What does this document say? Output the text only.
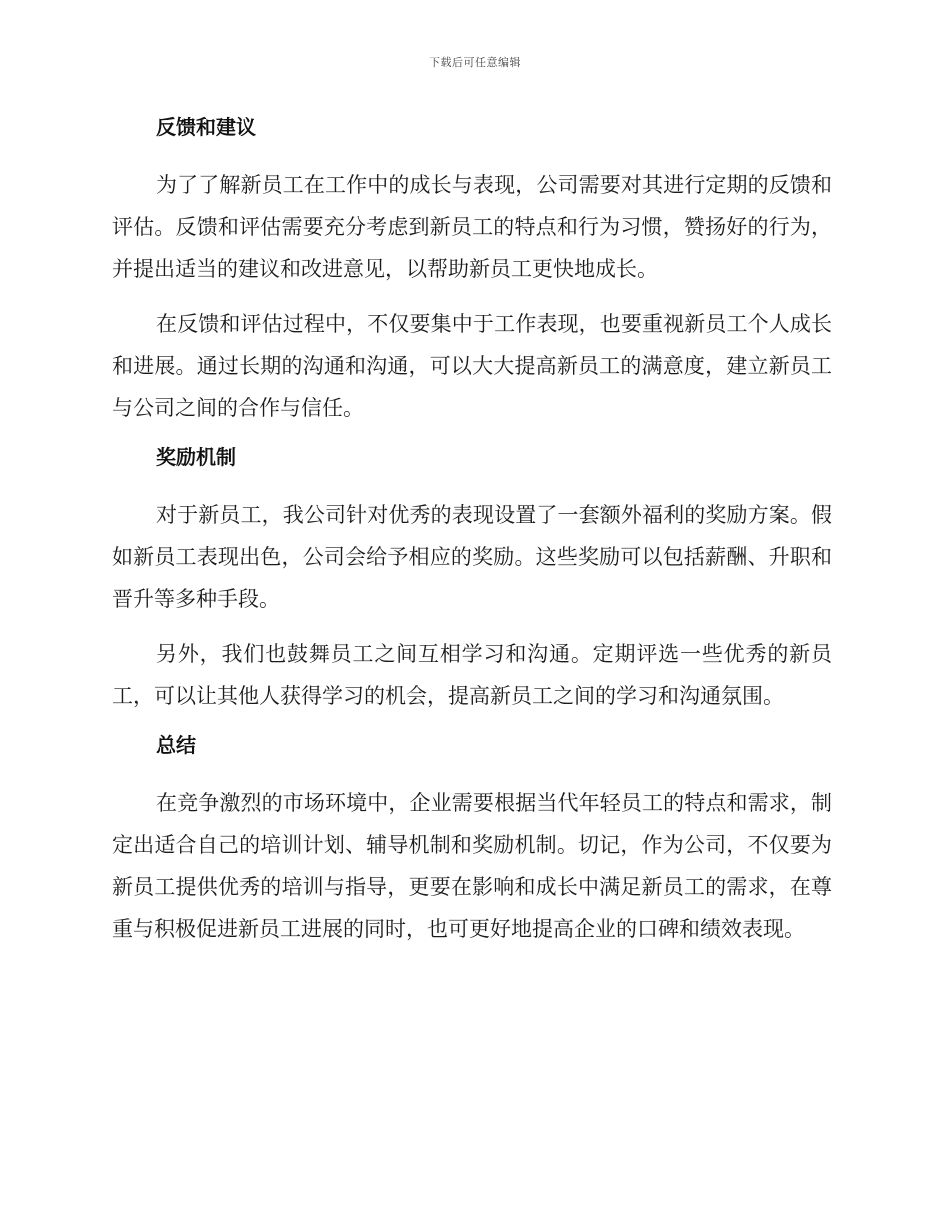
下载后可任意编辑
反馈和建议

为了了解新员工在工作中的成长与表现，公司需要对其进行定期的反馈和评估。反馈和评估需要充分考虑到新员工的特点和行为习惯，赞扬好的行为，并提出适当的建议和改进意见，以帮助新员工更快地成长。

在反馈和评估过程中，不仅要集中于工作表现，也要重视新员工个人成长和进展。通过长期的沟通和沟通，可以大大提高新员工的满意度，建立新员工与公司之间的合作与信任。

奖励机制

对于新员工，我公司针对优秀的表现设置了一套额外福利的奖励方案。假如新员工表现出色，公司会给予相应的奖励。这些奖励可以包括薪酬、升职和晋升等多种手段。

另外，我们也鼓舞员工之间互相学习和沟通。定期评选一些优秀的新员工，可以让其他人获得学习的机会，提高新员工之间的学习和沟通氛围。

总结

在竞争激烈的市场环境中，企业需要根据当代年轻员工的特点和需求，制定出适合自己的培训计划、辅导机制和奖励机制。切记，作为公司，不仅要为新员工提供优秀的培训与指导，更要在影响和成长中满足新员工的需求，在尊重与积极促进新员工进展的同时，也可更好地提高企业的口碑和绩效表现。
